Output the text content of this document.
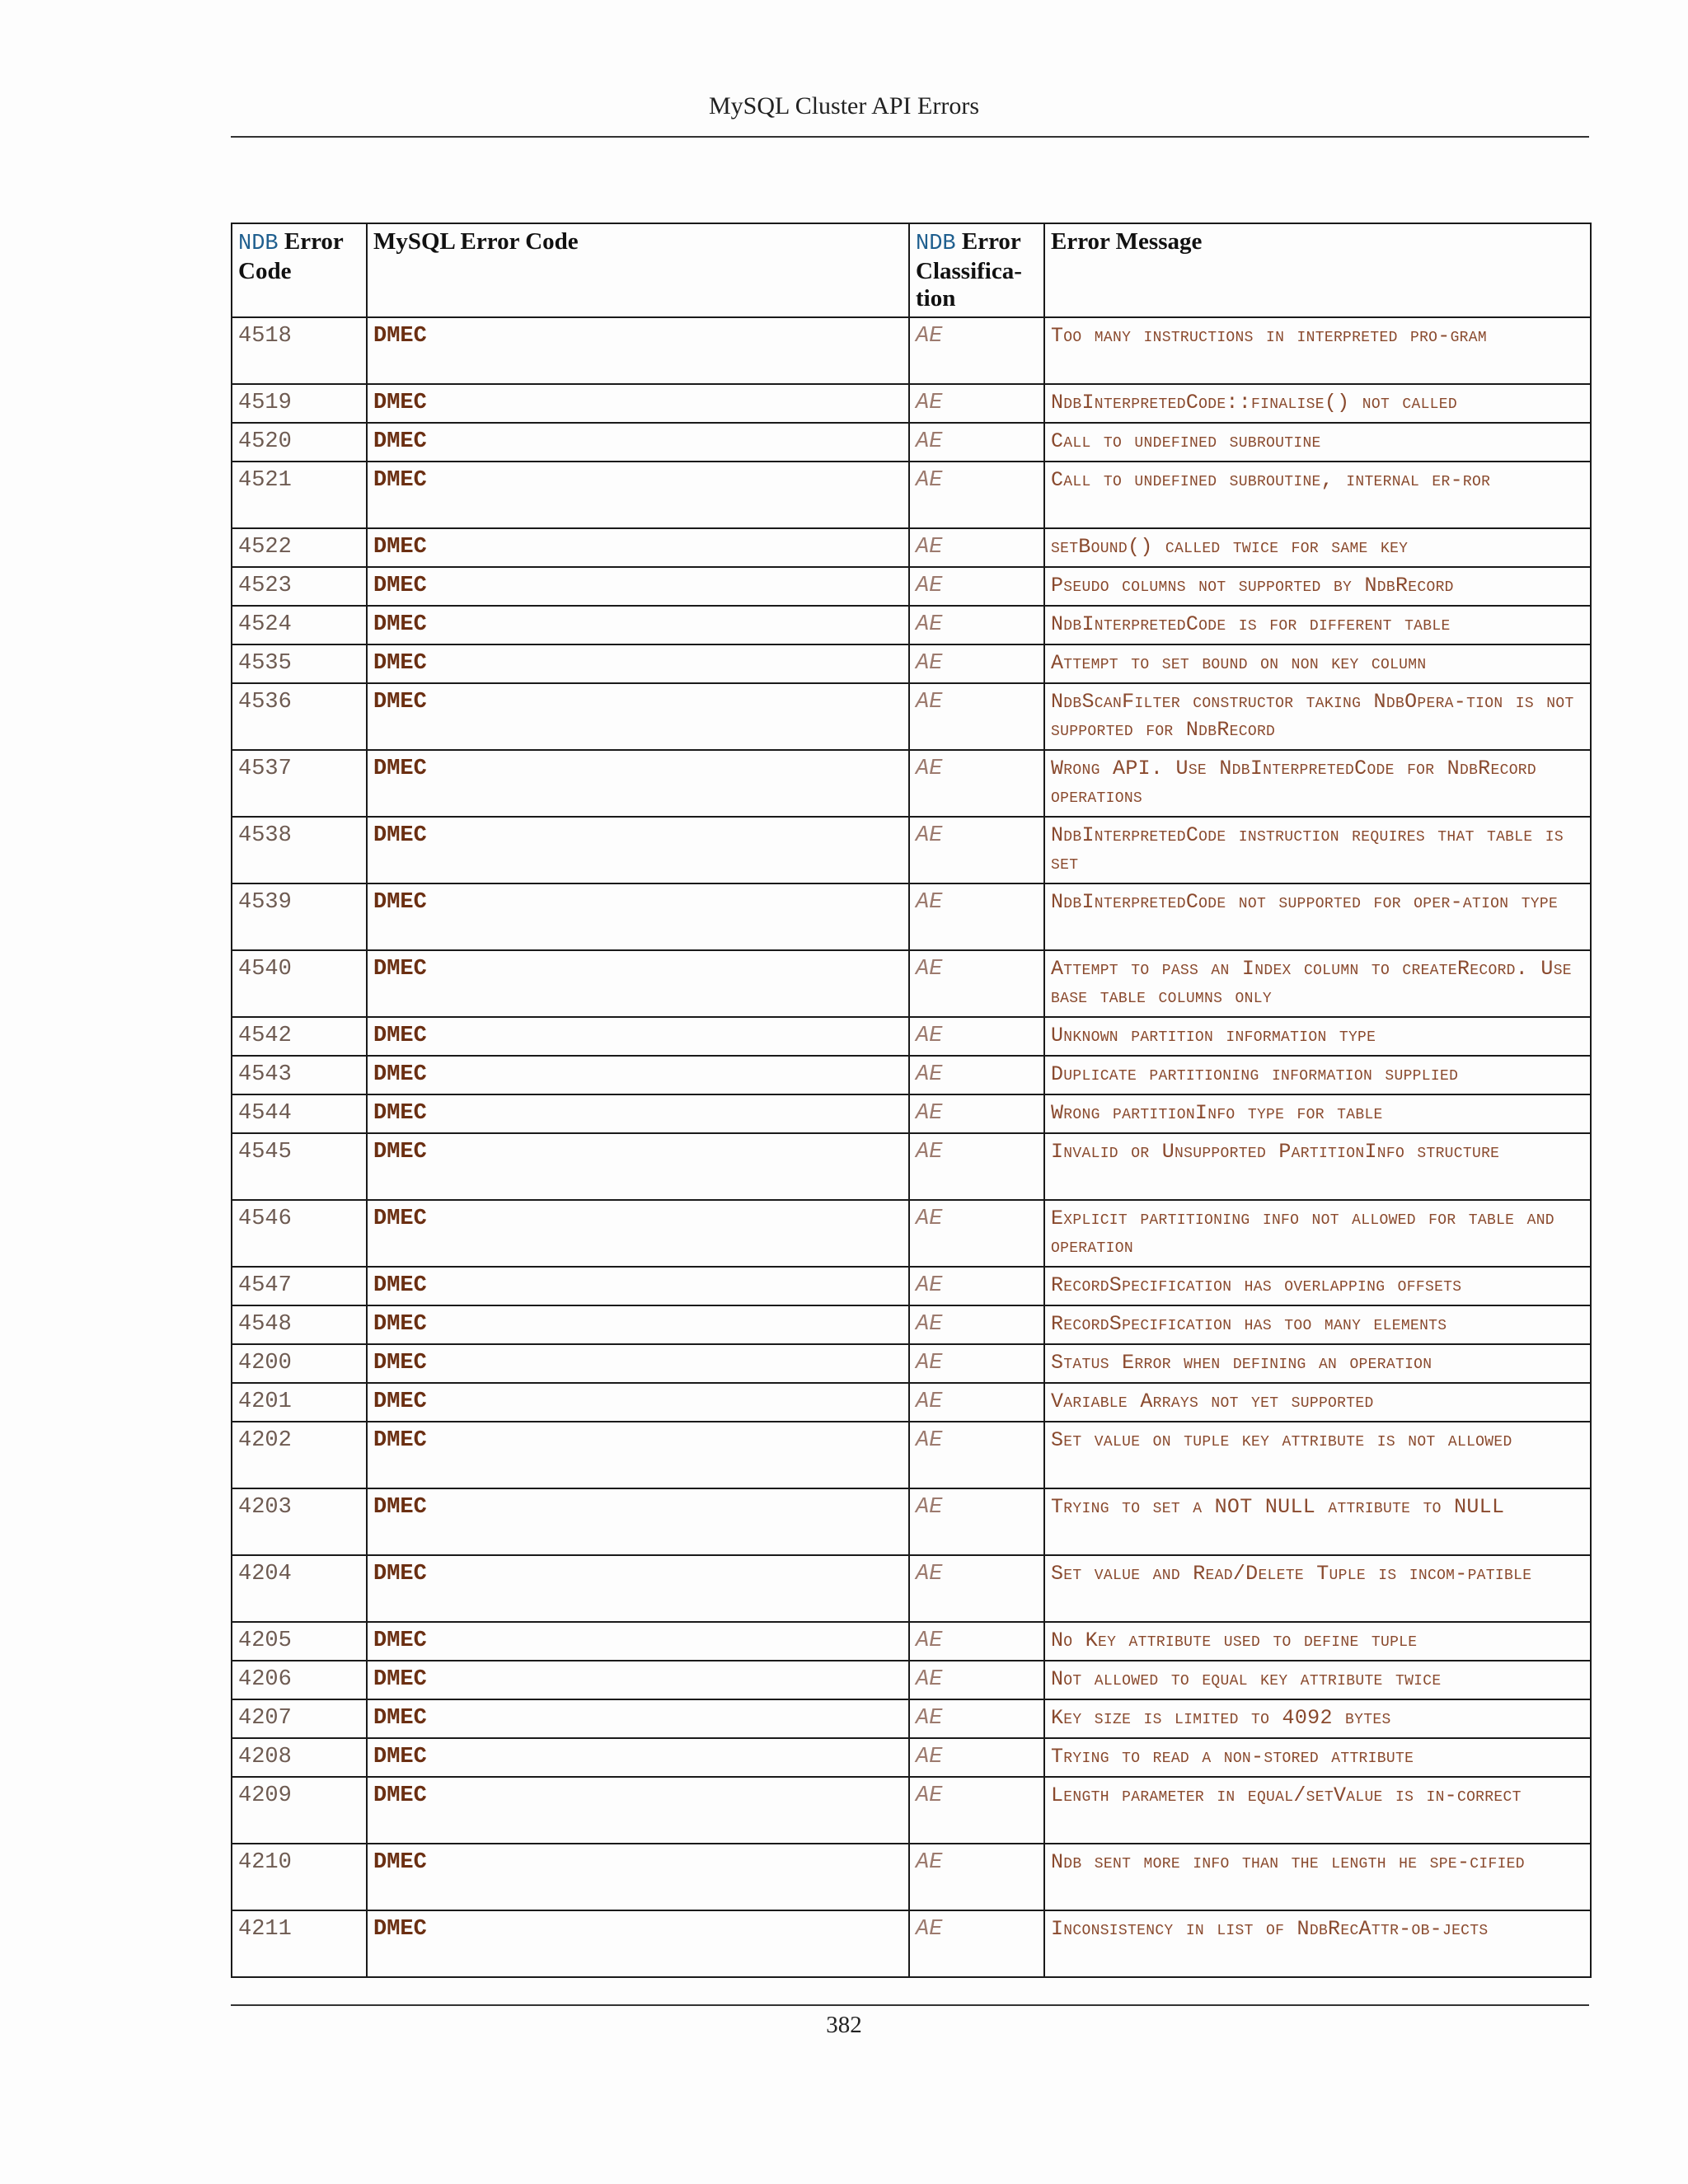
MySQL Cluster API Errors
NDB Error Code	MySQL Error Code	NDB Error Classifica-tion	Error Message
4518	DMEC	AE	Too many instructions in interpreted pro-gram
4519	DMEC	AE	NdbInterpretedCode::finalise() not called
4520	DMEC	AE	Call to undefined subroutine
4521	DMEC	AE	Call to undefined subroutine, internal er-ror
4522	DMEC	AE	setBound() called twice for same key
4523	DMEC	AE	Pseudo columns not supported by NdbRecord
4524	DMEC	AE	NdbInterpretedCode is for different table
4535	DMEC	AE	Attempt to set bound on non key column
4536	DMEC	AE	NdbScanFilter constructor taking NdbOpera-tion is not supported for NdbRecord
4537	DMEC	AE	Wrong API. Use NdbInterpretedCode for NdbRecord operations
4538	DMEC	AE	NdbInterpretedCode instruction requires that table is set
4539	DMEC	AE	NdbInterpretedCode not supported for oper-ation type
4540	DMEC	AE	Attempt to pass an Index column to createRecord. Use base table columns only
4542	DMEC	AE	Unknown partition information type
4543	DMEC	AE	Duplicate partitioning information supplied
4544	DMEC	AE	Wrong partitionInfo type for table
4545	DMEC	AE	Invalid or Unsupported PartitionInfo structure
4546	DMEC	AE	Explicit partitioning info not allowed for table and operation
4547	DMEC	AE	RecordSpecification has overlapping offsets
4548	DMEC	AE	RecordSpecification has too many elements
4200	DMEC	AE	Status Error when defining an operation
4201	DMEC	AE	Variable Arrays not yet supported
4202	DMEC	AE	Set value on tuple key attribute is not allowed
4203	DMEC	AE	Trying to set a NOT NULL attribute to NULL
4204	DMEC	AE	Set value and Read/Delete Tuple is incom-patible
4205	DMEC	AE	No Key attribute used to define tuple
4206	DMEC	AE	Not allowed to equal key attribute twice
4207	DMEC	AE	Key size is limited to 4092 bytes
4208	DMEC	AE	Trying to read a non-stored attribute
4209	DMEC	AE	Length parameter in equal/setValue is in-correct
4210	DMEC	AE	Ndb sent more info than the length he spe-cified
4211	DMEC	AE	Inconsistency in list of NdbRecAttr-ob-jects
382
